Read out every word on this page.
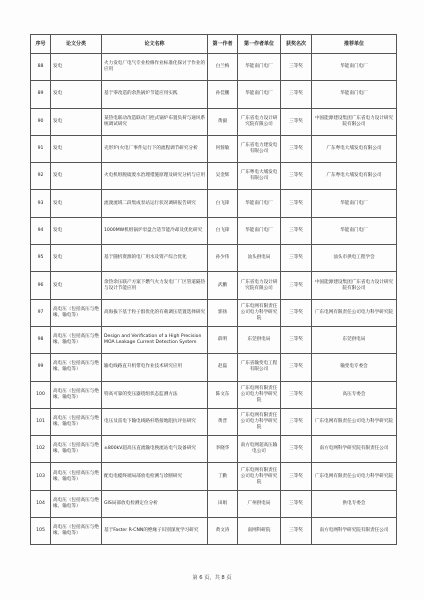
序号	论文分类	论文名称	第一作者	第一作者单位	获奖名次	推荐单位
88	发电	火力发电厂电气专业检修作业标准化探讨于作业的应用	白兰梅	华能南门电厂	三等奖	华能南门电厂
89	发电	基于零改造的余热锅炉节能应用实践	孙佳鹏	华能南门电厂	三等奖	华能南门电厂
90	发电	某热电联动改造联动门控式锅炉布置负荷与通风系统调试研究	黄毅	广东省电力设计研究院有限公司	三等奖	中国能源建设集团广东省电力设计研究院有限公司
91	发电	壳形炉(火电厂事件运行下的流程调节研究分析	何蓉敏	广东省电力建发电有限公司	三等奖	广东粤电大埔发电有限公司
92	发电	火电机组脱硫废水治理措施原理及研究分析与应用	吴金辉	广东粤电大埔发电有限公司	三等奖	广东粤电大埔发电有限公司
93	发电	流渡流域二段集成泵站运行状况调研报告研究	白飞锋	华能南门电厂	三等奖	华能南门电厂
94	发电	1000MW机组锅炉泵盘合适节能冷却及优化研究	白飞锋	华能南门电厂	三等奖	华能南门电厂
95	发电	基于随机资源的电厂用水及资产综合优化	孙少伟	汕头供电局	三等奖	汕头市供电工程学会
96	发电	余热余压联产方案下燃气火力发电厂厂区管道隔热与设计节能应用	武鹏	广东省电力设计研究院有限公司	三等奖	中国能源建设集团广东省电力设计研究院有限公司
97	高电压（包括高压与绝缘、输电等）	高海拔下基于粒子群优化的有载调压装置选择研究	郭扬	广东电网有限责任公司电力科学研究院	三等奖	广东电网有限责任公司电力科学研究院
98	高电压（包括高压与绝缘、输电等）	Design and Verification of a High Precision MOA Leakage Current Detection System	薛明	东莞供电局	三等奖	东莞供电局
99	高电压（包括高压与绝缘、输电等）	输电线路直升机带电作业技术研究应用	赵磊	广东省输变电工程有限公司	三等奖	输变电专委会
100	高电压（包括高压与绝缘、输电等）	特高可靠的变压器绕组状态监测方法	陈文东	广东电网有限责任公司电力科学研究院	三等奖	高压专委会
101	高电压（包括高压与绝缘、输电等）	电压及雷电下输电线路杆塔接地阻抗评估研究	黄晋	广东电网有限责任公司电力科学研究院	三等奖	广东电网有限责任公司电力科学研究院
102	高电压（包括高压与绝缘、输电等）	±800kV超高压直流输电换流站电气设备研究	李晓华	南方电网超高压输电公司	三等奖	南方电网科学研究院有限责任公司
103	高电压（包括高压与绝缘、输电等）	配电电缆终端局部放电检测与诊断研究	丁勤	广东电网有限责任公司电力科学研究院	三等奖	广东电网有限责任公司电力科学研究院
104	高电压（包括高压与绝缘、输电等）	GIS局部放电检测定位分析	田娟	广州供电局	三等奖	供电专委会
105	高电压（包括高压与绝缘、输电等）	基于Faster R-CNN的绝缘子识别深度学习研究	黄文涛	南网科研院	三等奖	南方电网科学研究院有限责任公司
第 6 页，共 8 页
